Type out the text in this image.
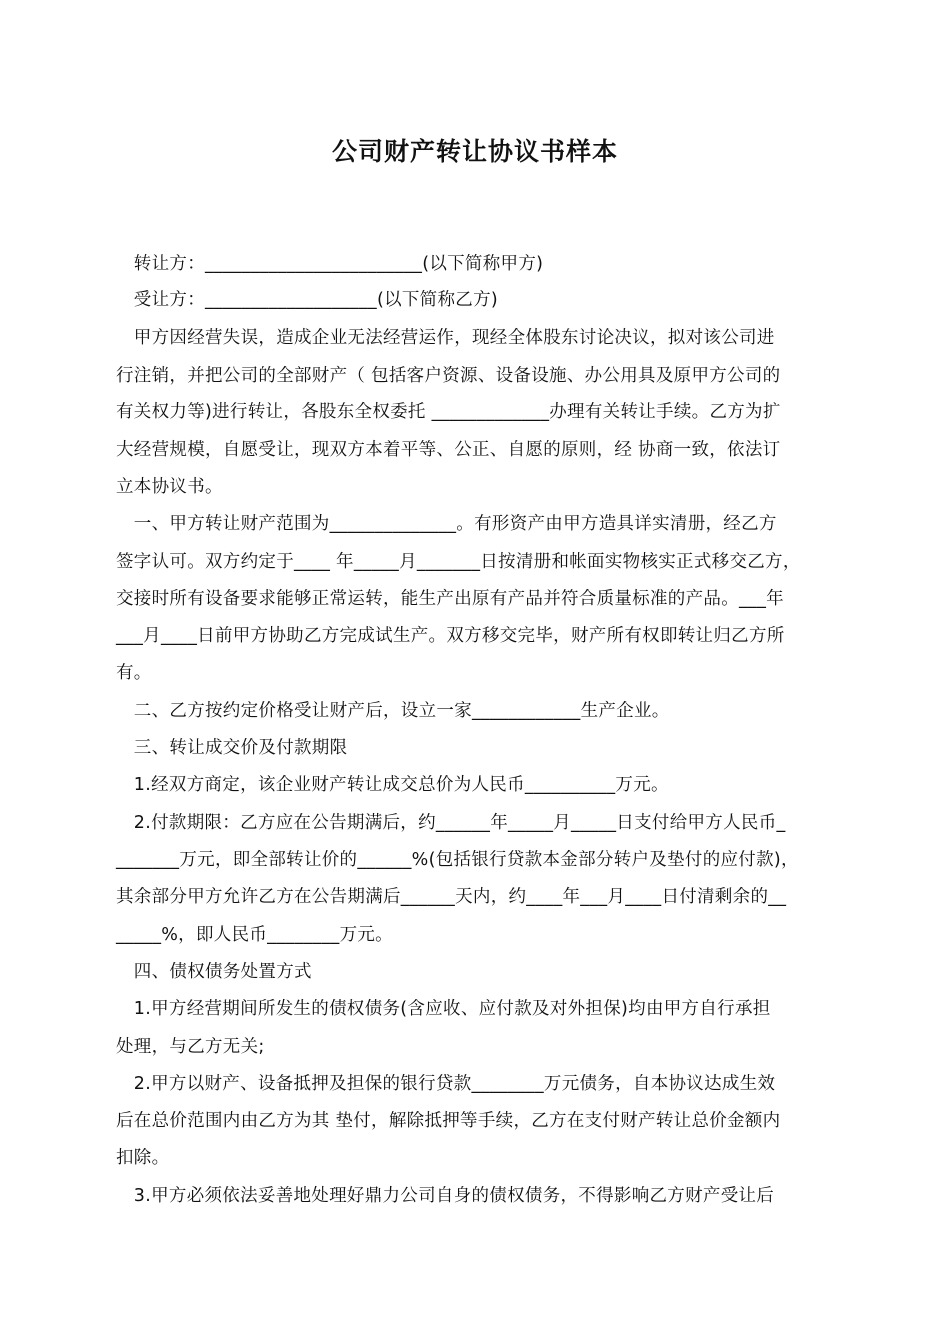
公司财产转让协议书样本
　转让方：________________________(以下简称甲方)
　受让方：___________________(以下简称乙方)
　甲方因经营失误，造成企业无法经营运作，现经全体股东讨论决议，拟对该公司进
行注销，并把公司的全部财产（ 包括客户资源、设备设施、办公用具及原甲方公司的
有关权力等)进行转让，各股东全权委托 _____________办理有关转让手续。乙方为扩
大经营规模，自愿受让，现双方本着平等、公正、自愿的原则，经 协商一致，依法订
立本协议书。
　一、甲方转让财产范围为______________。有形资产由甲方造具详实清册，经乙方
签字认可。双方约定于____ 年_____月_______日按清册和帐面实物核实正式移交乙方，
交接时所有设备要求能够正常运转，能生产出原有产品并符合质量标准的产品。___年
___月____日前甲方协助乙方完成试生产。双方移交完毕，财产所有权即转让归乙方所
有。
　二、乙方按约定价格受让财产后，设立一家____________生产企业。
　三、转让成交价及付款期限
　1.经双方商定，该企业财产转让成交总价为人民币__________万元。
　2.付款期限：乙方应在公告期满后，约______年_____月_____日支付给甲方人民币_
_______万元，即全部转让价的______%(包括银行贷款本金部分转户及垫付的应付款)，
其余部分甲方允许乙方在公告期满后______天内，约____年___月____日付清剩余的__
_____%，即人民币________万元。
　四、债权债务处置方式
　1.甲方经营期间所发生的债权债务(含应收、应付款及对外担保)均由甲方自行承担
处理，与乙方无关;
　2.甲方以财产、设备抵押及担保的银行贷款________万元债务，自本协议达成生效
后在总价范围内由乙方为其 垫付，解除抵押等手续，乙方在支付财产转让总价金额内
扣除。
　3.甲方必须依法妥善地处理好鼎力公司自身的债权债务，不得影响乙方财产受让后
